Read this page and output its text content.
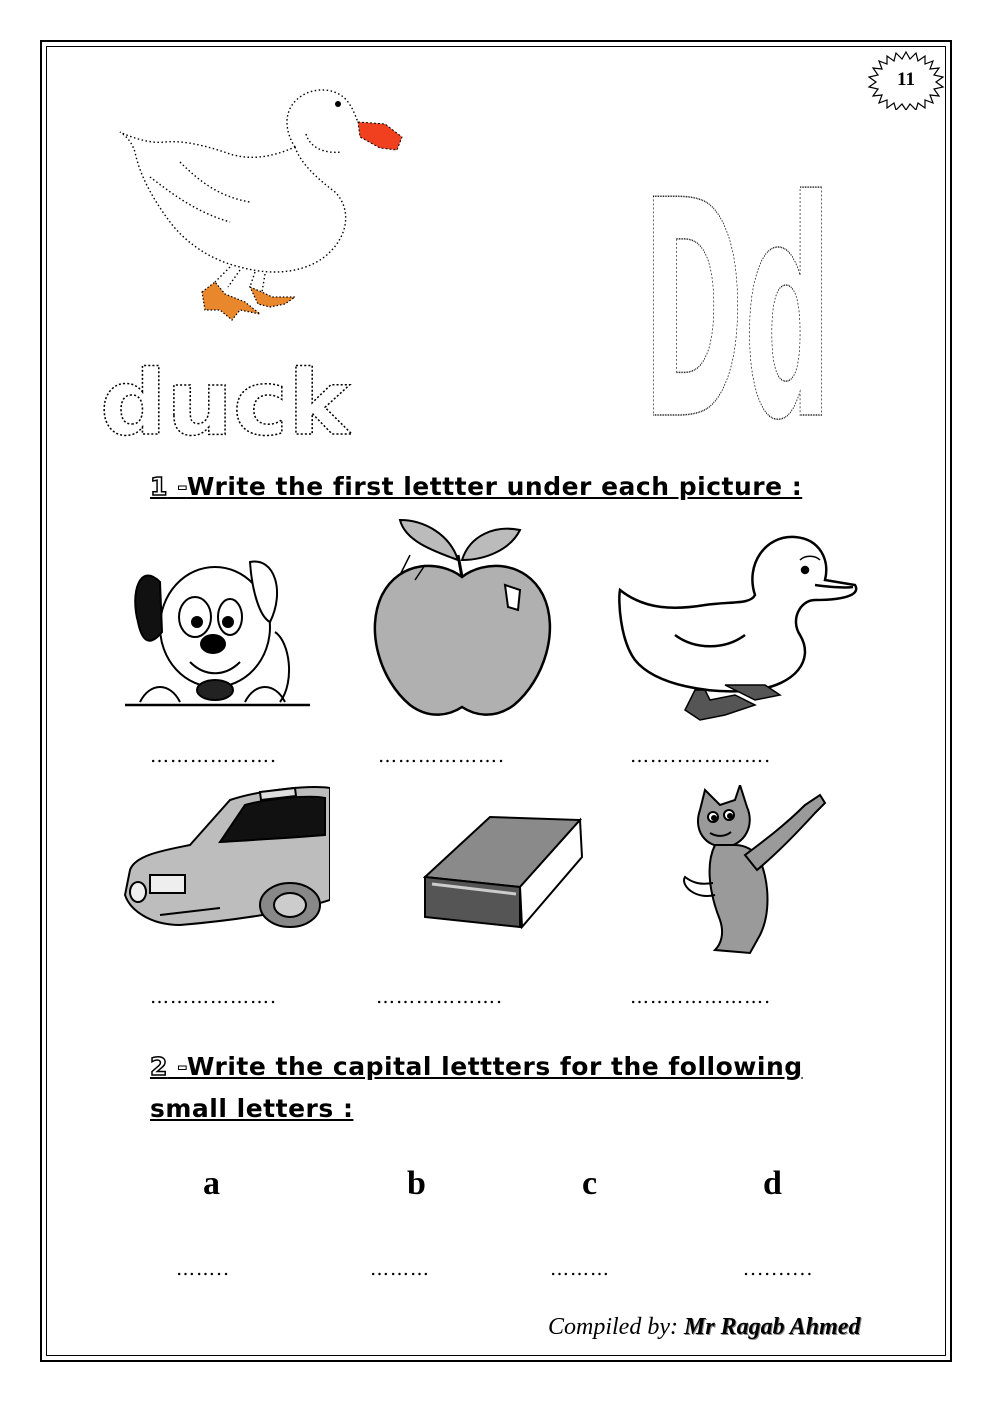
11
duck
1 -Write the first lettter under each picture :
……………….	……………….	……..………….
……………….	……………….	……..………….
2 -Write the capital lettters for the following
small letters :
a	b	c	d
……..	………	………	..........
Compiled by: Mr Ragab Ahmed
